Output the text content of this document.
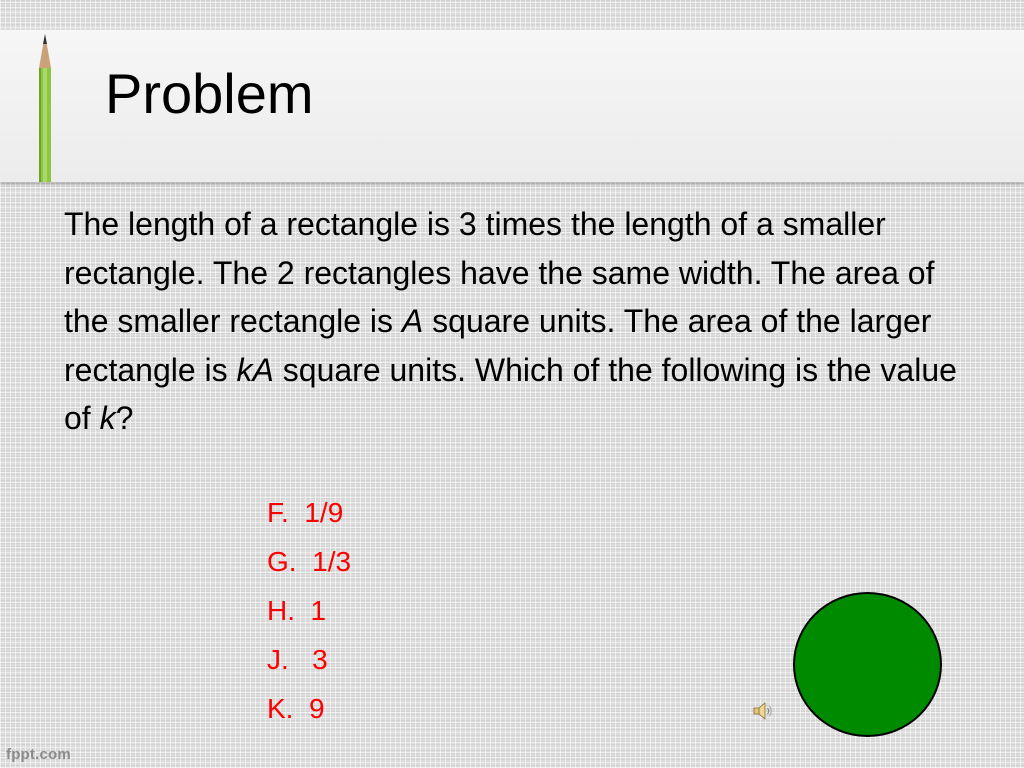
Problem
The length of a rectangle is 3 times the length of a smaller rectangle. The 2 rectangles have the same width. The area of the smaller rectangle is A square units. The area of the larger rectangle is kA square units. Which of the following is the value of k?
F.  1/9
G.  1/3
H.  1
J.   3
K.  9
fppt.com
